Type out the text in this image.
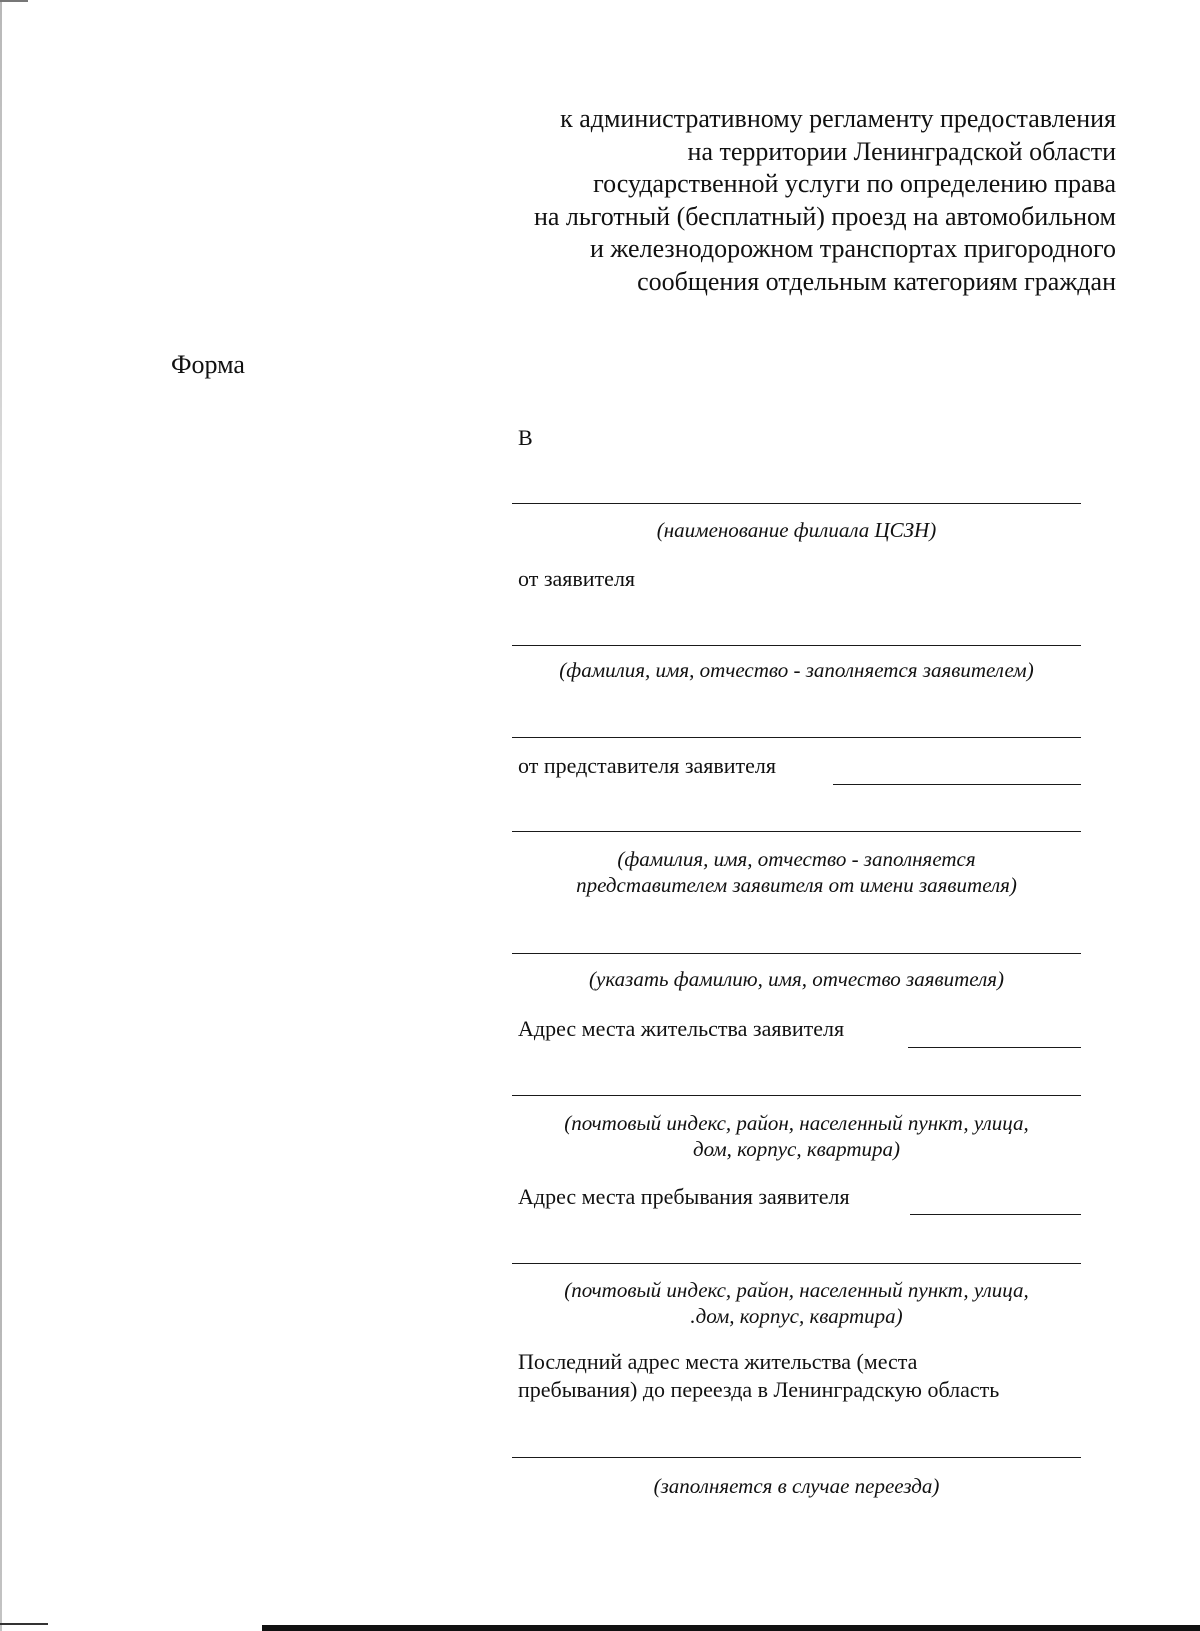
к административному регламенту предоставления
на территории Ленинградской области
государственной услуги по определению права
на льготный (бесплатный) проезд на автомобильном
и железнодорожном транспортах пригородного
сообщения отдельным категориям граждан
Форма
В
(наименование филиала ЦСЗН)
от заявителя
(фамилия, имя, отчество - заполняется заявителем)
от представителя заявителя
(фамилия, имя, отчество - заполняется
представителем заявителя от имени заявителя)
(указать фамилию, имя, отчество заявителя)
Адрес места жительства заявителя
(почтовый индекс, район, населенный пункт, улица,
дом, корпус, квартира)
Адрес места пребывания заявителя
(почтовый индекс, район, населенный пункт, улица,
.дом, корпус, квартира)
Последний адрес места жительства (места
пребывания) до переезда в Ленинградскую область
(заполняется в случае переезда)
